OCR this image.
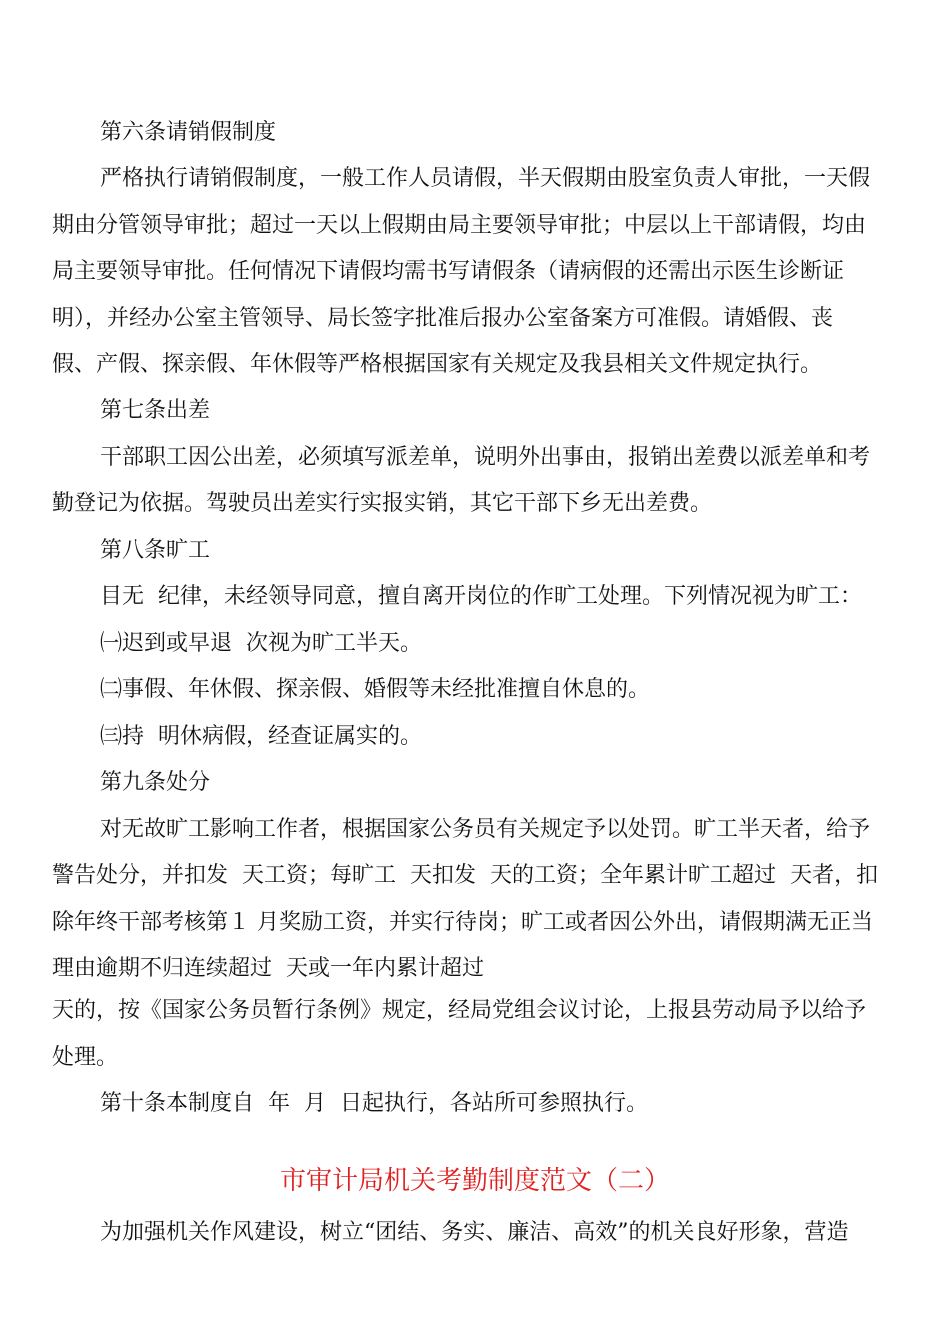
第六条请销假制度
严格执行请销假制度，一般工作人员请假，半天假期由股室负责人审批，一天假
期由分管领导审批；超过一天以上假期由局主要领导审批；中层以上干部请假，均由
局主要领导审批。任何情况下请假均需书写请假条（请病假的还需出示医生诊断证
明），并经办公室主管领导、局长签字批准后报办公室备案方可准假。请婚假、丧
假、产假、探亲假、年休假等严格根据国家有关规定及我县相关文件规定执行。
第七条出差
干部职工因公出差，必须填写派差单，说明外出事由，报销出差费以派差单和考
勤登记为依据。驾驶员出差实行实报实销，其它干部下乡无出差费。
第八条旷工
目无 纪律，未经领导同意，擅自离开岗位的作旷工处理。下列情况视为旷工：
㈠迟到或早退 次视为旷工半天。
㈡事假、年休假、探亲假、婚假等未经批准擅自休息的。
㈢持 明休病假，经查证属实的。
第九条处分
对无故旷工影响工作者，根据国家公务员有关规定予以处罚。旷工半天者，给予
警告处分，并扣发 天工资；每旷工 天扣发 天的工资；全年累计旷工超过 天者，扣
除年终干部考核第１ 月奖励工资，并实行待岗；旷工或者因公外出，请假期满无正当
理由逾期不归连续超过 天或一年内累计超过
天的，按《国家公务员暂行条例》规定，经局党组会议讨论，上报县劳动局予以给予
处理。
第十条本制度自 年 月 日起执行，各站所可参照执行。
市审计局机关考勤制度范文（二）
为加强机关作风建设，树立“团结、务实、廉洁、高效”的机关良好形象，营造
